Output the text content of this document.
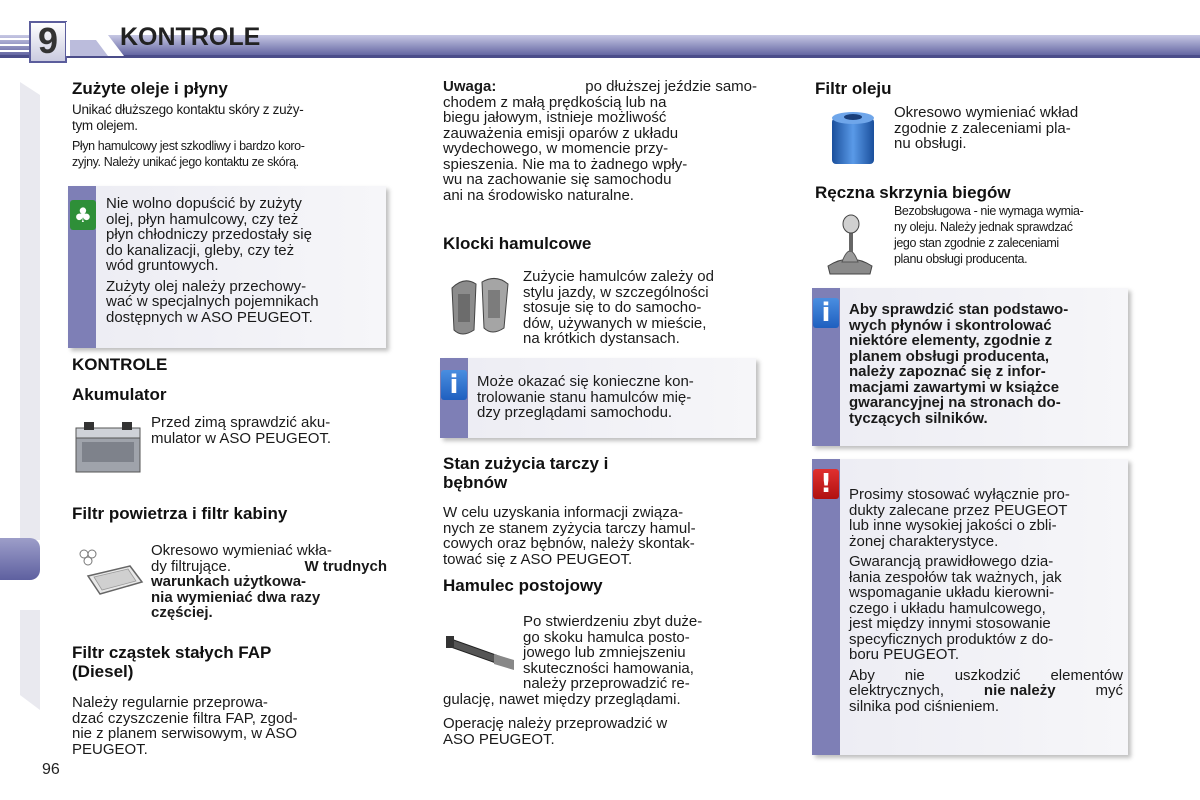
9 KONTROLE
Zużyte oleje i płyny
Unikać dłuższego kontaktu skóry z zuży-
tym olejem.
Płyn hamulcowy jest szkodliwy i bardzo koro-
zyjny. Należy unikać jego kontaktu ze skórą.
♣ Nie wolno dopuścić by zużyty
olej, płyn hamulcowy, czy też
płyn chłodniczy przedostały się
do kanalizacji, gleby, czy też
wód gruntowych.
Zużyty olej należy przechowy-
wać w specjalnych pojemnikach
dostępnych w ASO PEUGEOT.
KONTROLE
Akumulator
Przed zimą sprawdzić aku-
mulator w ASO PEUGEOT.
Filtr powietrza i filtr kabiny
Okresowo wymieniać wkła-
dy filtrujące.	W trudnych
warunkach użytkowa-
nia wymieniać dwa razy
częściej.
Filtr cząstek stałych FAP
(Diesel)
Należy regularnie przeprowa-
dzać czyszczenie filtra FAP, zgod-
nie z planem serwisowym, w ASO
PEUGEOT.
Uwaga:	po dłuższej jeździe samo-
chodem z małą prędkością lub na
biegu jałowym, istnieje możliwość
zauważenia emisji oparów z układu
wydechowego, w momencie przy-
spieszenia. Nie ma to żadnego wpły-
wu na zachowanie się samochodu
ani na środowisko naturalne.
Klocki hamulcowe
Zużycie hamulców zależy od
stylu jazdy, w szczególności
stosuje się to do samocho-
dów, używanych w mieście,
na krótkich dystansach.
i	Może okazać się konieczne kon-
trolowanie stanu hamulców mię-
dzy przeglądami samochodu.
Stan zużycia tarczy i
bębnów
W celu uzyskania informacji związa-
nych ze stanem zyżycia tarczy hamul-
cowych oraz bębnów, należy skontak-
tować się z ASO PEUGEOT.
Hamulec postojowy
Po stwierdzeniu zbyt duże-
go skoku hamulca posto-
jowego lub zmniejszeniu
skuteczności hamowania,
należy przeprowadzić re-
gulację, nawet między przeglądami.
Operację należy przeprowadzić w
ASO PEUGEOT.
Filtr oleju
Okresowo wymieniać wkład
zgodnie z zaleceniami pla-
nu obsługi.
Ręczna skrzynia biegów
Bezobsługowa - nie wymaga wymia-
ny oleju. Należy jednak sprawdzać
jego stan zgodnie z zaleceniami
planu obsługi producenta.
i	Aby sprawdzić stan podstawo-
wych płynów i skontrolować
niektóre elementy, zgodnie z
planem obsługi producenta,
należy zapoznać się z infor-
macjami zawartymi w książce
gwarancyjnej na stronach do-
tyczących silników.
!	Prosimy stosować wyłącznie pro-
dukty zalecane przez PEUGEOT
lub inne wysokiej jakości o zbli-
żonej charakterystyce.
Gwarancją prawidłowego dzia-
łania zespołów tak ważnych, jak
wspomaganie układu kierowni-
czego i układu hamulcowego,
jest między innymi stosowanie
specyficznych produktów z do-
boru PEUGEOT.
Aby nie uszkodzić elementów
elektrycznych,	nie należy	myć
silnika pod ciśnieniem.
96
